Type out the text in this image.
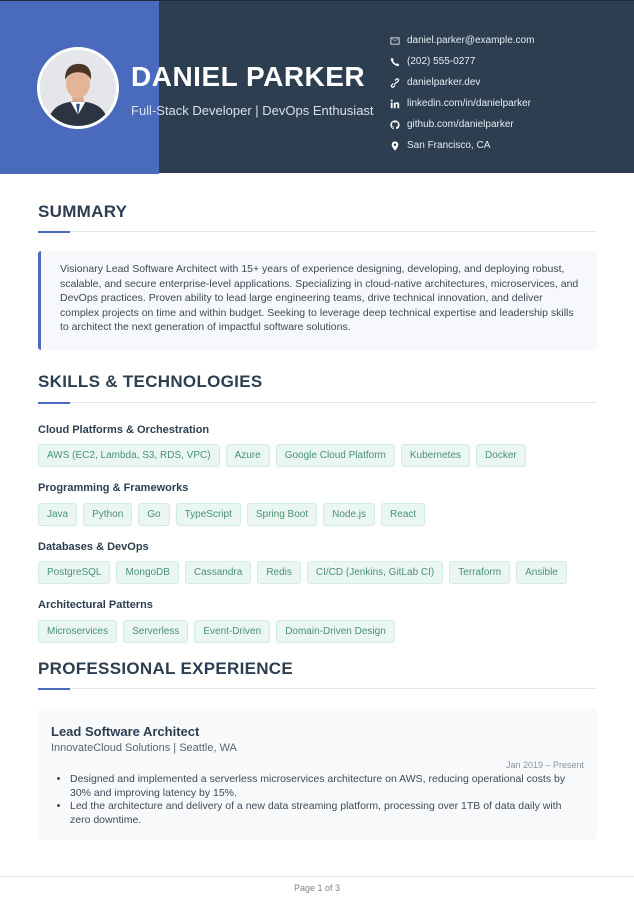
DANIEL PARKER
Full-Stack Developer | DevOps Enthusiast
daniel.parker@example.com
(202) 555-0277
danielparker.dev
linkedin.com/in/danielparker
github.com/danielparker
San Francisco, CA
SUMMARY
Visionary Lead Software Architect with 15+ years of experience designing, developing, and deploying robust, scalable, and secure enterprise-level applications. Specializing in cloud-native architectures, microservices, and DevOps practices. Proven ability to lead large engineering teams, drive technical innovation, and deliver complex projects on time and within budget. Seeking to leverage deep technical expertise and leadership skills to architect the next generation of impactful software solutions.
SKILLS & TECHNOLOGIES
Cloud Platforms & Orchestration
AWS (EC2, Lambda, S3, RDS, VPC)	Azure	Google Cloud Platform	Kubernetes	Docker
Programming & Frameworks
Java	Python	Go	TypeScript	Spring Boot	Node.js	React
Databases & DevOps
PostgreSQL	MongoDB	Cassandra	Redis	CI/CD (Jenkins, GitLab CI)	Terraform	Ansible
Architectural Patterns
Microservices	Serverless	Event-Driven	Domain-Driven Design
PROFESSIONAL EXPERIENCE
Lead Software Architect
InnovateCloud Solutions | Seattle, WA
Jan 2019 – Present
• Designed and implemented a serverless microservices architecture on AWS, reducing operational costs by 30% and improving latency by 15%.
• Led the architecture and delivery of a new data streaming platform, processing over 1TB of data daily with zero downtime.
Page 1 of 3
